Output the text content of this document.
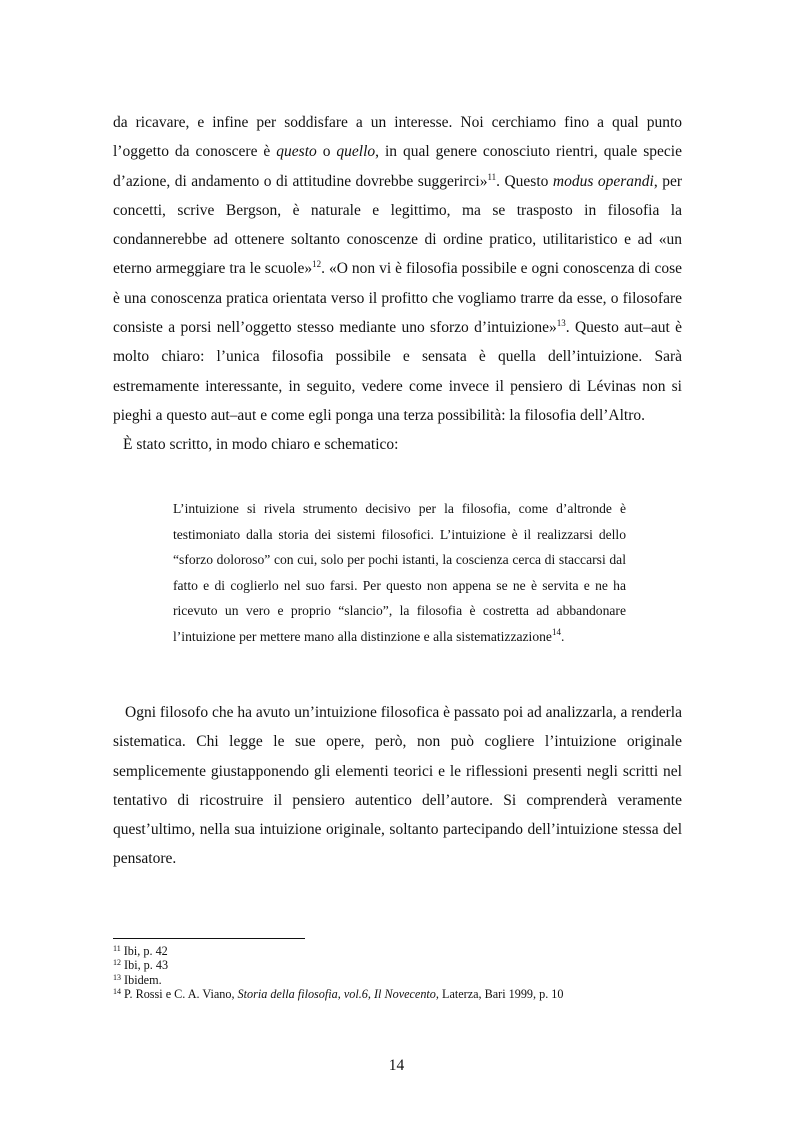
da ricavare, e infine per soddisfare a un interesse. Noi cerchiamo fino a qual punto l’oggetto da conoscere è questo o quello, in qual genere conosciuto rientri, quale specie d’azione, di andamento o di attitudine dovrebbe suggerirci»$^{11}$. Questo modus operandi, per concetti, scrive Bergson, è naturale e legittimo, ma se trasposto in filosofia la condannerebbe ad ottenere soltanto conoscenze di ordine pratico, utilitaristico e ad «un eterno armeggiare tra le scuole»$^{12}$. «O non vi è filosofia possibile e ogni conoscenza di cose è una conoscenza pratica orientata verso il profitto che vogliamo trarre da esse, o filosofare consiste a porsi nell’oggetto stesso mediante uno sforzo d’intuizione»$^{13}$. Questo aut–aut è molto chiaro: l’unica filosofia possibile e sensata è quella dell’intuizione. Sarà estremamente interessante, in seguito, vedere come invece il pensiero di Lévinas non si pieghi a questo aut–aut e come egli ponga una terza possibilità: la filosofia dell’Altro.

È stato scritto, in modo chiaro e schematico:

L’intuizione si rivela strumento decisivo per la filosofia, come d’altronde è testimoniato dalla storia dei sistemi filosofici. L’intuizione è il realizzarsi dello “sforzo doloroso” con cui, solo per pochi istanti, la coscienza cerca di staccarsi dal fatto e di coglierlo nel suo farsi. Per questo non appena se ne è servita e ne ha ricevuto un vero e proprio “slancio”, la filosofia è costretta ad abbandonare l’intuizione per mettere mano alla distinzione e alla sistematizzazione$^{14}$.

Ogni filosofo che ha avuto un’intuizione filosofica è passato poi ad analizzarla, a renderla sistematica. Chi legge le sue opere, però, non può cogliere l’intuizione originale semplicemente giustapponendo gli elementi teorici e le riflessioni presenti negli scritti nel tentativo di ricostruire il pensiero autentico dell’autore. Si comprenderà veramente quest’ultimo, nella sua intuizione originale, soltanto partecipando dell’intuizione stessa del pensatore.

$^{11}$ Ibi, p. 42

$^{12}$ Ibi, p. 43

$^{13}$ Ibidem.

$^{14}$ P. Rossi e C. A. Viano, Storia della filosofia, vol.6, Il Novecento, Laterza, Bari 1999, p. 10

14
